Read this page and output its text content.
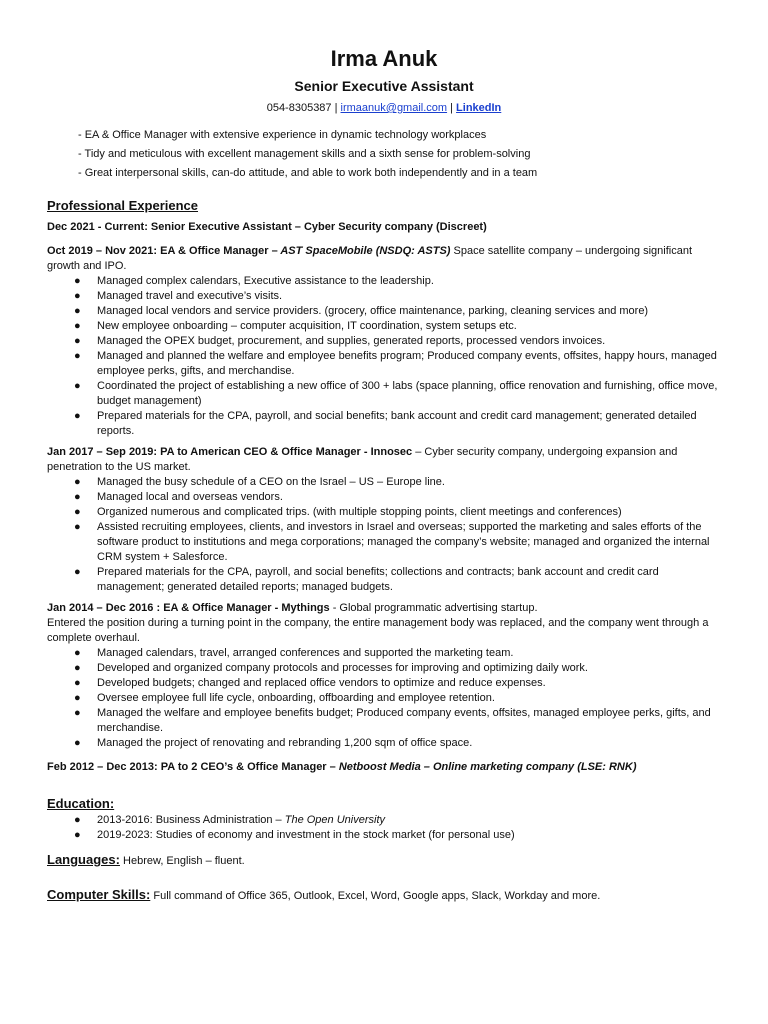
Irma Anuk
Senior Executive Assistant
054-8305387 | irmaanuk@gmail.com | LinkedIn
- EA & Office Manager with extensive experience in dynamic technology workplaces
- Tidy and meticulous with excellent management skills and a sixth sense for problem-solving
- Great interpersonal skills, can-do attitude, and able to work both independently and in a team
Professional Experience
Dec 2021 - Current: Senior Executive Assistant – Cyber Security company (Discreet)
Oct 2019 – Nov 2021: EA & Office Manager – AST SpaceMobile (NSDQ: ASTS) Space satellite company – undergoing significant growth and IPO.
● Managed complex calendars, Executive assistance to the leadership.
● Managed travel and executive’s visits.
● Managed local vendors and service providers. (grocery, office maintenance, parking, cleaning services and more)
● New employee onboarding – computer acquisition, IT coordination, system setups etc.
● Managed the OPEX budget, procurement, and supplies, generated reports, processed vendors invoices.
● Managed and planned the welfare and employee benefits program; Produced company events, offsites, happy hours, managed employee perks, gifts, and merchandise.
● Coordinated the project of establishing a new office of 300 + labs (space planning, office renovation and furnishing, office move, budget management)
● Prepared materials for the CPA, payroll, and social benefits; bank account and credit card management; generated detailed reports.
Jan 2017 – Sep 2019: PA to American CEO & Office Manager - Innosec – Cyber security company, undergoing expansion and penetration to the US market.
● Managed the busy schedule of a CEO on the Israel – US – Europe line.
● Managed local and overseas vendors.
● Organized numerous and complicated trips. (with multiple stopping points, client meetings and conferences)
● Assisted recruiting employees, clients, and investors in Israel and overseas; supported the marketing and sales efforts of the software product to institutions and mega corporations; managed the company’s website; managed and organized the internal CRM system + Salesforce.
● Prepared materials for the CPA, payroll, and social benefits; collections and contracts; bank account and credit card management; generated detailed reports; managed budgets.
Jan 2014 – Dec 2016 : EA & Office Manager - Mythings - Global programmatic advertising startup.
Entered the position during a turning point in the company, the entire management body was replaced, and the company went through a complete overhaul.
● Managed calendars, travel, arranged conferences and supported the marketing team.
● Developed and organized company protocols and processes for improving and optimizing daily work.
● Developed budgets; changed and replaced office vendors to optimize and reduce expenses.
● Oversee employee full life cycle, onboarding, offboarding and employee retention.
● Managed the welfare and employee benefits budget; Produced company events, offsites, managed employee perks, gifts, and merchandise.
● Managed the project of renovating and rebranding 1,200 sqm of office space.
Feb 2012 – Dec 2013: PA to 2 CEO’s & Office Manager – Netboost Media – Online marketing company (LSE: RNK)
Education:
● 2013-2016: Business Administration – The Open University
● 2019-2023: Studies of economy and investment in the stock market (for personal use)
Languages: Hebrew, English – fluent.
Computer Skills: Full command of Office 365, Outlook, Excel, Word, Google apps, Slack, Workday and more.
